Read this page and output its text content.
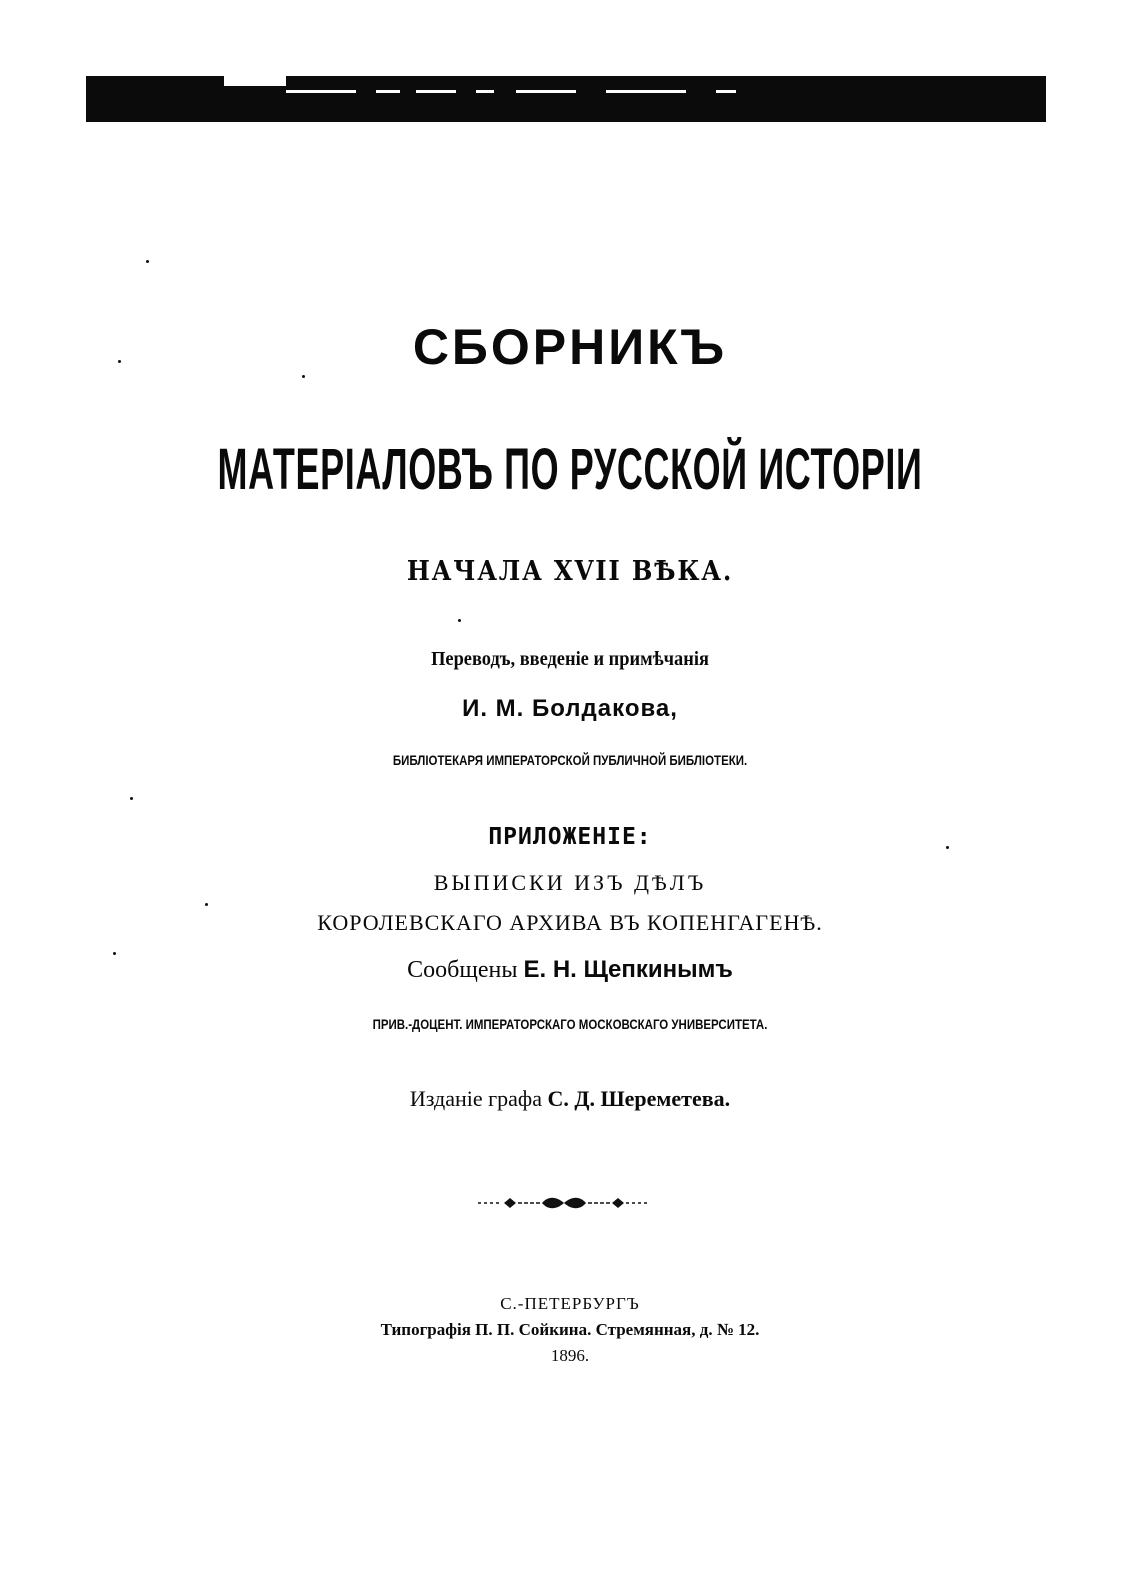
СБОРНИКЪ
МАТЕРІАЛОВЪ ПО РУССКОЙ ИСТОРІИ
НАЧАЛА XVII ВѢКА.
Переводъ, введеніе и примѣчанія
И. М. Болдакова,
БИБЛІОТЕКАРЯ ИМПЕРАТОРСКОЙ ПУБЛИЧНОЙ БИБЛІОТЕКИ.
ПРИЛОЖЕНІЕ:
ВЫПИСКИ ИЗЪ ДѢЛЪ
КОРОЛЕВСКАГО АРХИВА ВЪ КОПЕНГАГЕНѢ.
Сообщены Е. Н. Щепкинымъ
ПРИВ.-ДОЦЕНТ. ИМПЕРАТОРСКАГО МОСКОВСКАГО УНИВЕРСИТЕТА.
Изданіе графа С. Д. Шереметева.
С.-ПЕТЕРБУРГЪ
Типографія П. П. Сойкина. Стремянная, д. № 12.
1896.
